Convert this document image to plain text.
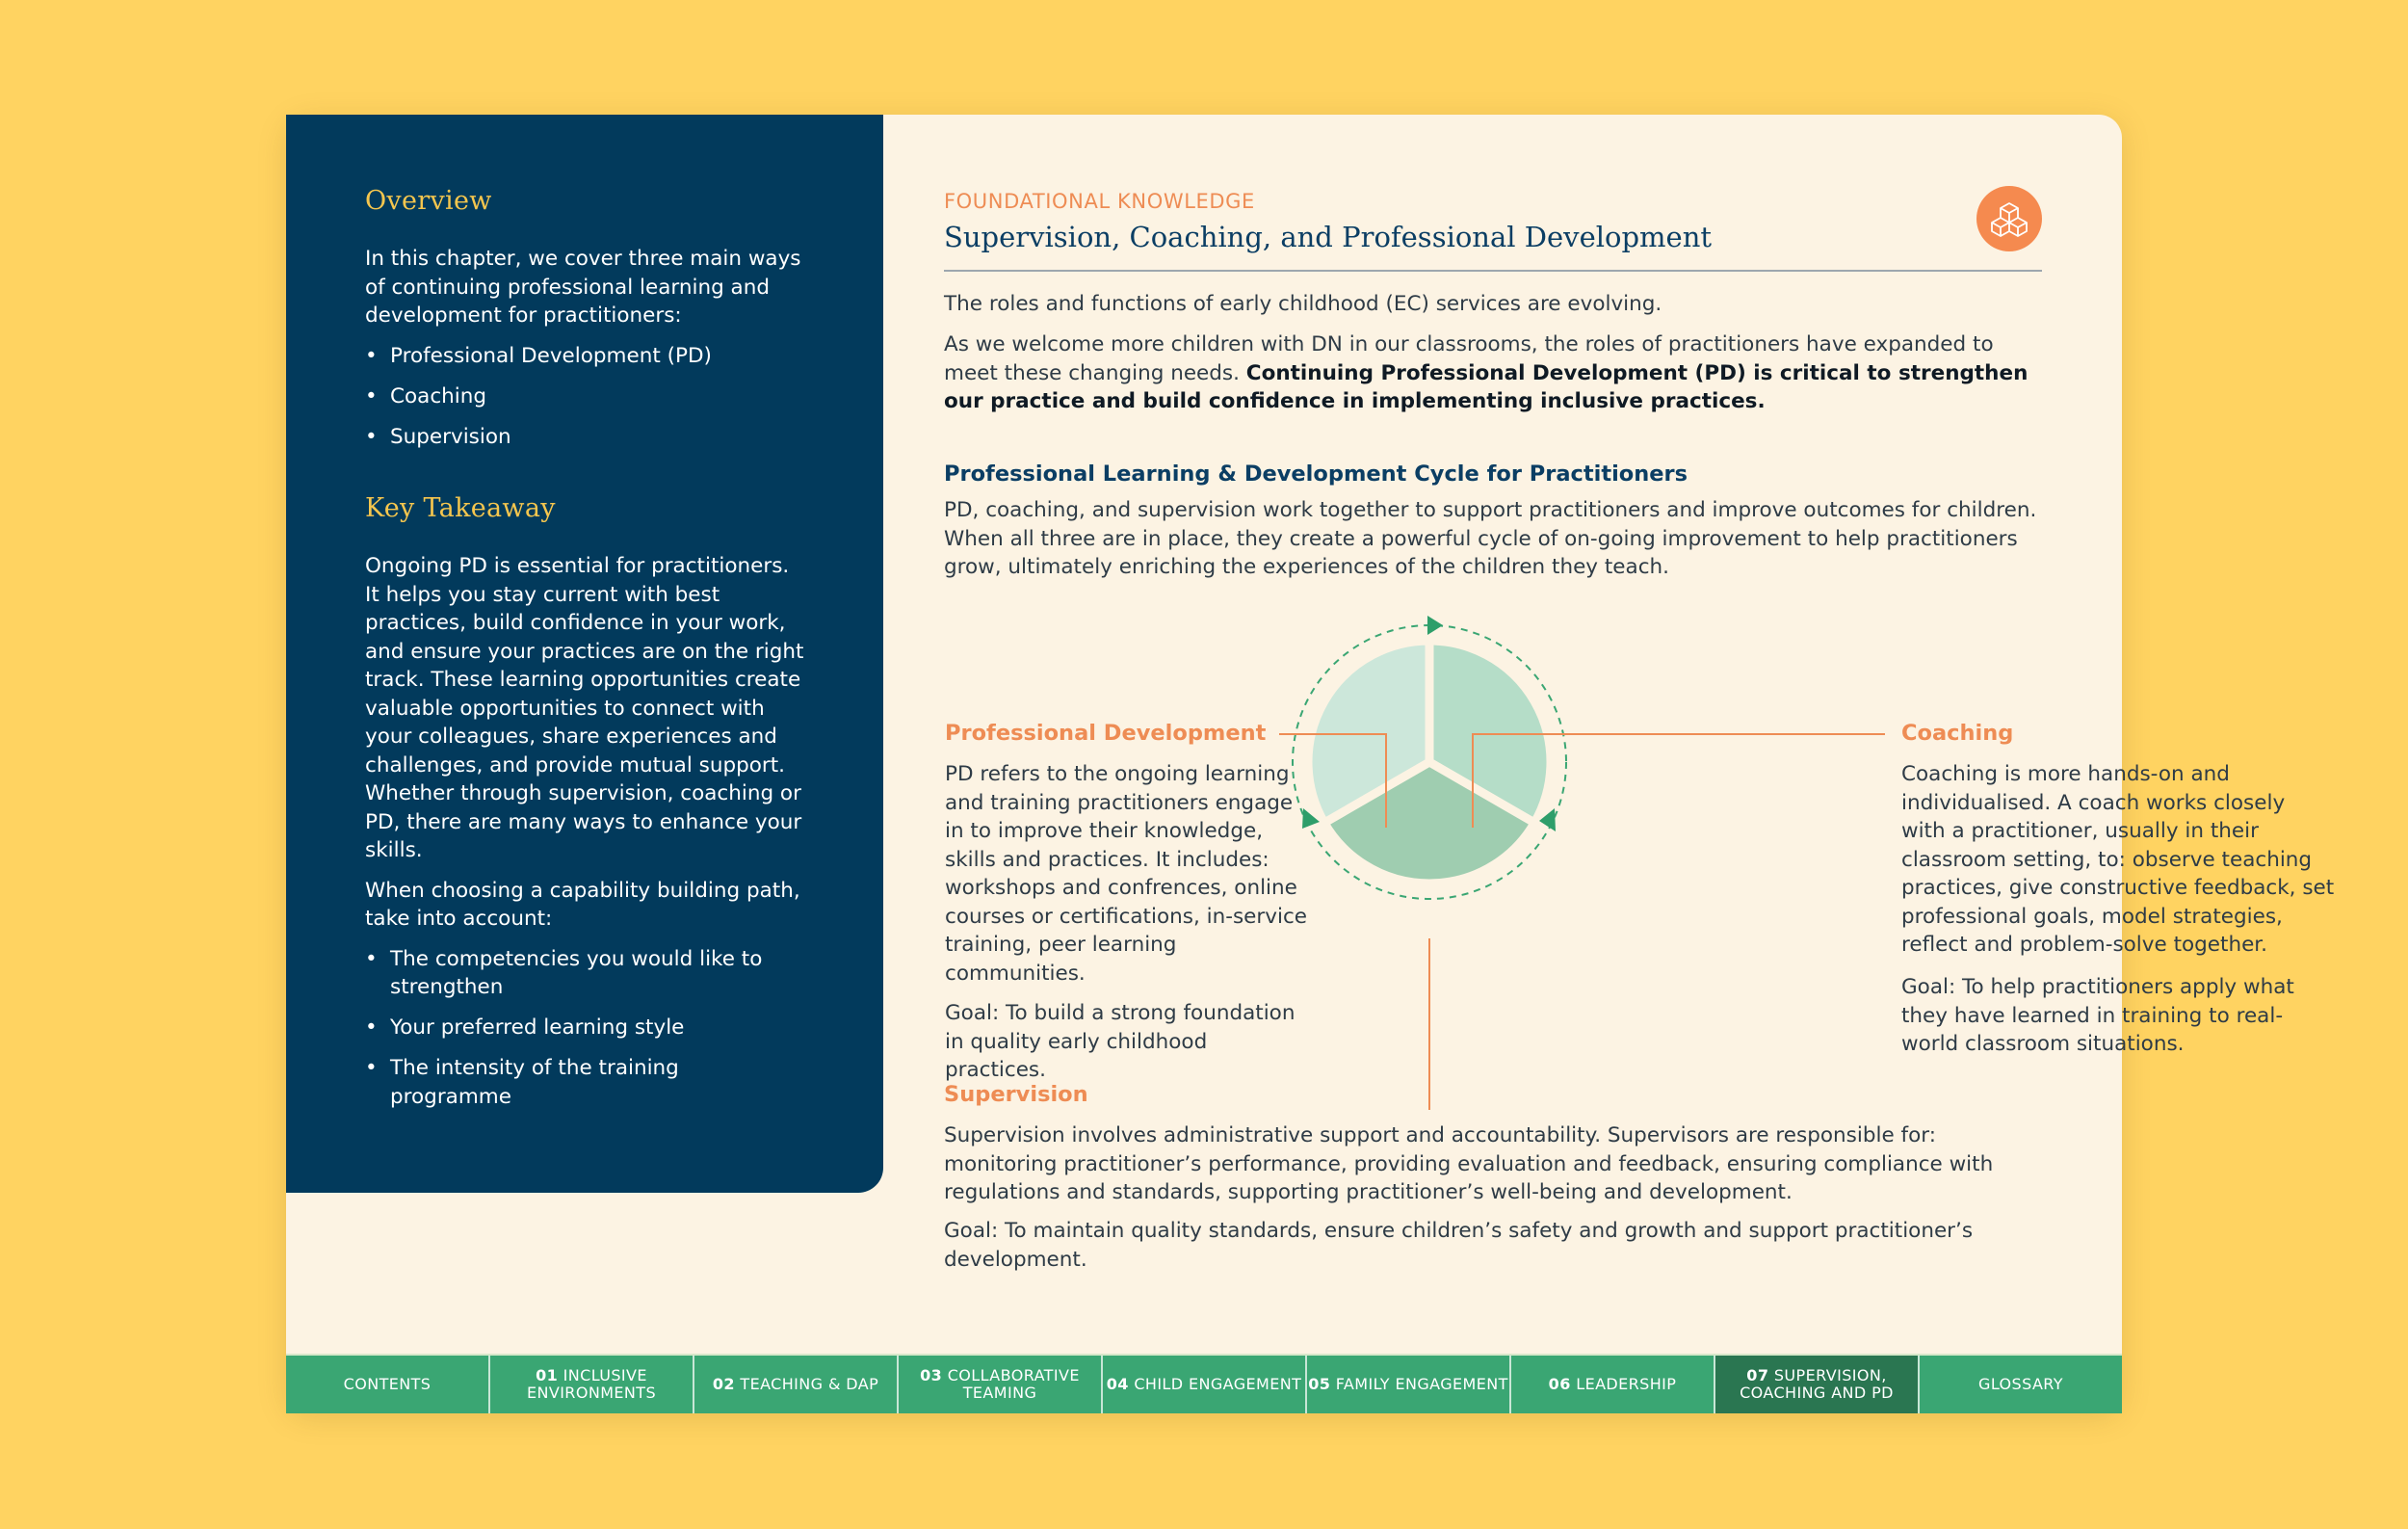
Overview

In this chapter, we cover three main ways of continuing professional learning and development for practitioners:

• Professional Development (PD)
• Coaching
• Supervision
Key Takeaway

Ongoing PD is essential for practitioners. It helps you stay current with best practices, build confidence in your work, and ensure your practices are on the right track. These learning opportunities create valuable opportunities to connect with your colleagues, share experiences and challenges, and provide mutual support. Whether through supervision, coaching or PD, there are many ways to enhance your skills.

When choosing a capability building path, take into account:

• The competencies you would like to strengthen
• Your preferred learning style
• The intensity of the training programme

FOUNDATIONAL KNOWLEDGE

Supervision, Coaching, and Professional Development

The roles and functions of early childhood (EC) services are evolving.

As we welcome more children with DN in our classrooms, the roles of practitioners have expanded to meet these changing needs. Continuing Professional Development (PD) is critical to strengthen our practice and build confidence in implementing inclusive practices.

Professional Learning & Development Cycle for Practitioners

PD, coaching, and supervision work together to support practitioners and improve outcomes for children. When all three are in place, they create a powerful cycle of on-going improvement to help practitioners grow, ultimately enriching the experiences of the children they teach.

Professional Development

PD refers to the ongoing learning and training practitioners engage in to improve their knowledge, skills and practices. It includes: workshops and confrences, online courses or certifications, in-service training, peer learning communities.

Goal: To build a strong foundation in quality early childhood practices.

Coaching

Coaching is more hands-on and individualised. A coach works closely with a practitioner, usually in their classroom setting, to: observe teaching practices, give constructive feedback, set professional goals, model strategies, reflect and problem-solve together.

Goal: To help practitioners apply what they have learned in training to real-world classroom situations.

Supervision

Supervision involves administrative support and accountability. Supervisors are responsible for: monitoring practitioner’s performance, providing evaluation and feedback, ensuring compliance with regulations and standards, supporting practitioner’s well-being and development.

Goal: To maintain quality standards, ensure children’s safety and growth and support practitioner’s development.

CONTENTS	01 INCLUSIVE ENVIRONMENTS	02 TEACHING & DAP	03 COLLABORATIVE TEAMING	04 CHILD ENGAGEMENT 05 FAMILY ENGAGEMENT	06 LEADERSHIP	07 SUPERVISION, COACHING AND PD	GLOSSARY
